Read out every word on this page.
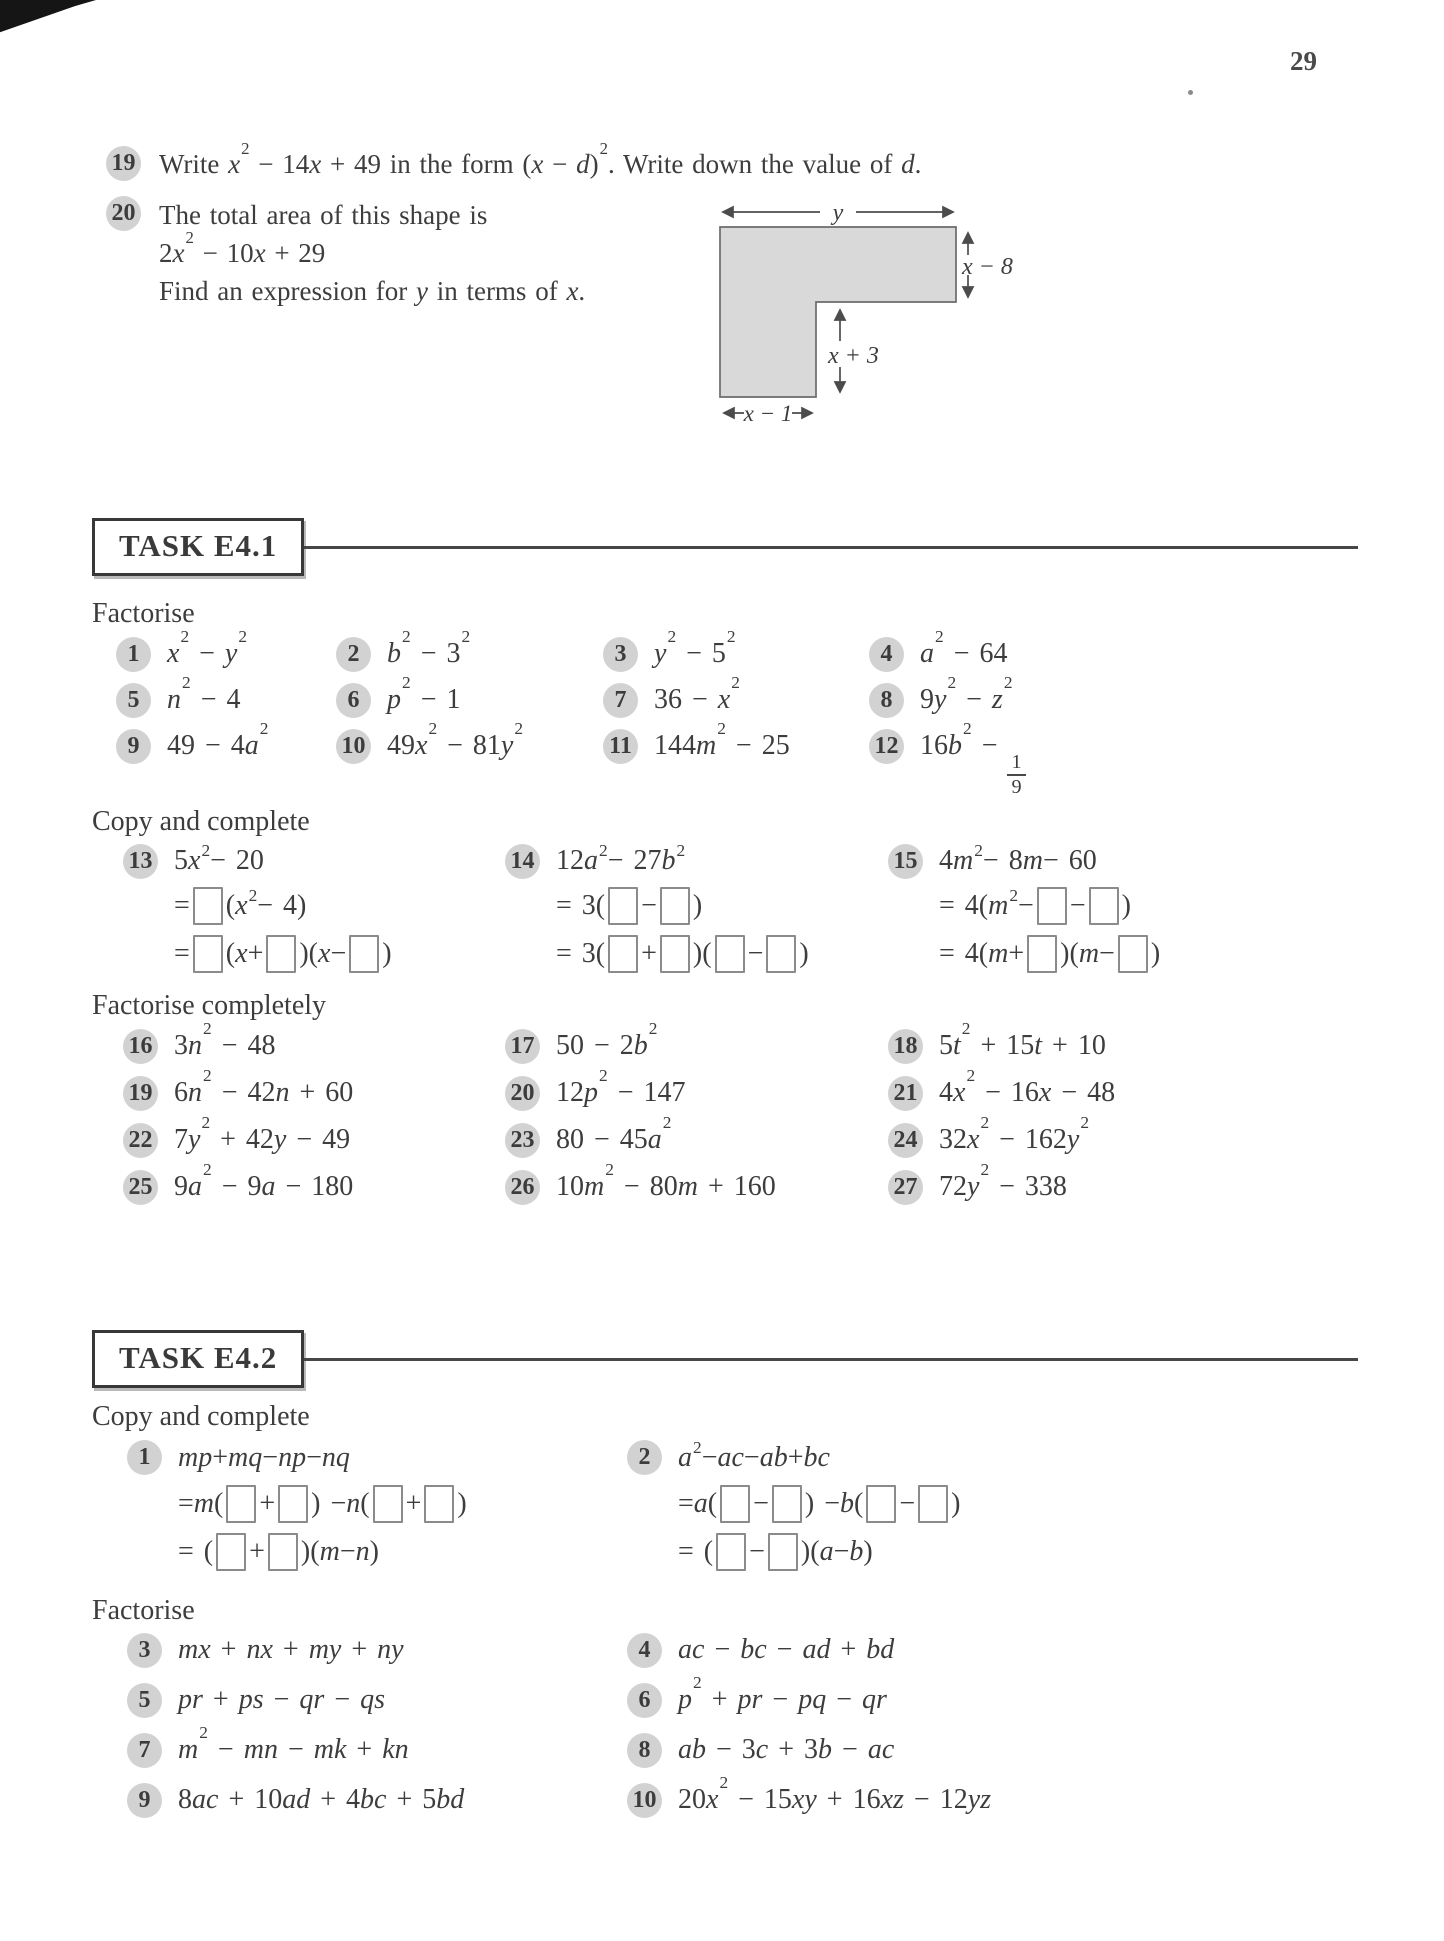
29
19 Write $x^2 - 14x + 49$ in the form $(x - d)^2$. Write down the value of d.
20 The total area of this shape is
$2x^2 - 10x + 29$
Find an expression for y in terms of x.
y
x − 8
x + 3
x − 1
TASK E4.1
Factorise
1 $x^2 - y^2$
2 $b^2 - 3^2$
3 $y^2 - 5^2$
4 $a^2 - 64$
5 $n^2 - 4$	6 $p^2 - 1$	7 $36 - x^2$
8 $9y^2 - z^2$
9 $49 - 4a^2$
10 $49x^2 - 81y^2$
11 $144m^2 - 25$	12 $16b^2$ −
$\frac{1}{9}$
Copy and complete
13 5 $x^2 - 20$
=
( $x^2 - 4$)
=
( x +
)( x −
)
14 12 $a^2 - 27$ $b^2$
= 3(
−
)
= 3(
+
)(
−
)
15 4 $m^2 - 8$ m − 60
= 4( $m^2$ −
−
)
= 4( m +
)( m −
)
Factorise completely
16 $3n^2 - 48$	17 $50 - 2b^2$
18 $5t^2 + 15t + 10$
19 $6n^2 - 42n + 60$	20 $12p^2 - 147$	21 $4x^2 - 16x - 48$
22 $7y^2 + 42y - 49$	23 $80 - 45a^2$
24 $32x^2 - 162y^2$
25 $9a^2 - 9a - 180$	26 $10m^2 - 80m + 160$	27 $72y^2 - 338$
TASK E4.2
Copy and complete
1 mp + mq − np − nq
= m (
+
) − n (
+
)
= (
+
)( m − n )
2 $a^2$ − ac − ab + bc
= a (
−
) − b (
−
)
= (
−
)( a − b )
Factorise
3 mx + nx + my + ny	4 ac − bc − ad + bd
5 pr + ps − qr − qs	6 $p^2$ + pr − pq − qr
7 $m^2$ − mn − mk + kn	8 ab − 3c + 3b − ac
9 8ac + 10ad + 4bc + 5bd	10 $20x^2 - 15xy + 16xz - 12yz$
